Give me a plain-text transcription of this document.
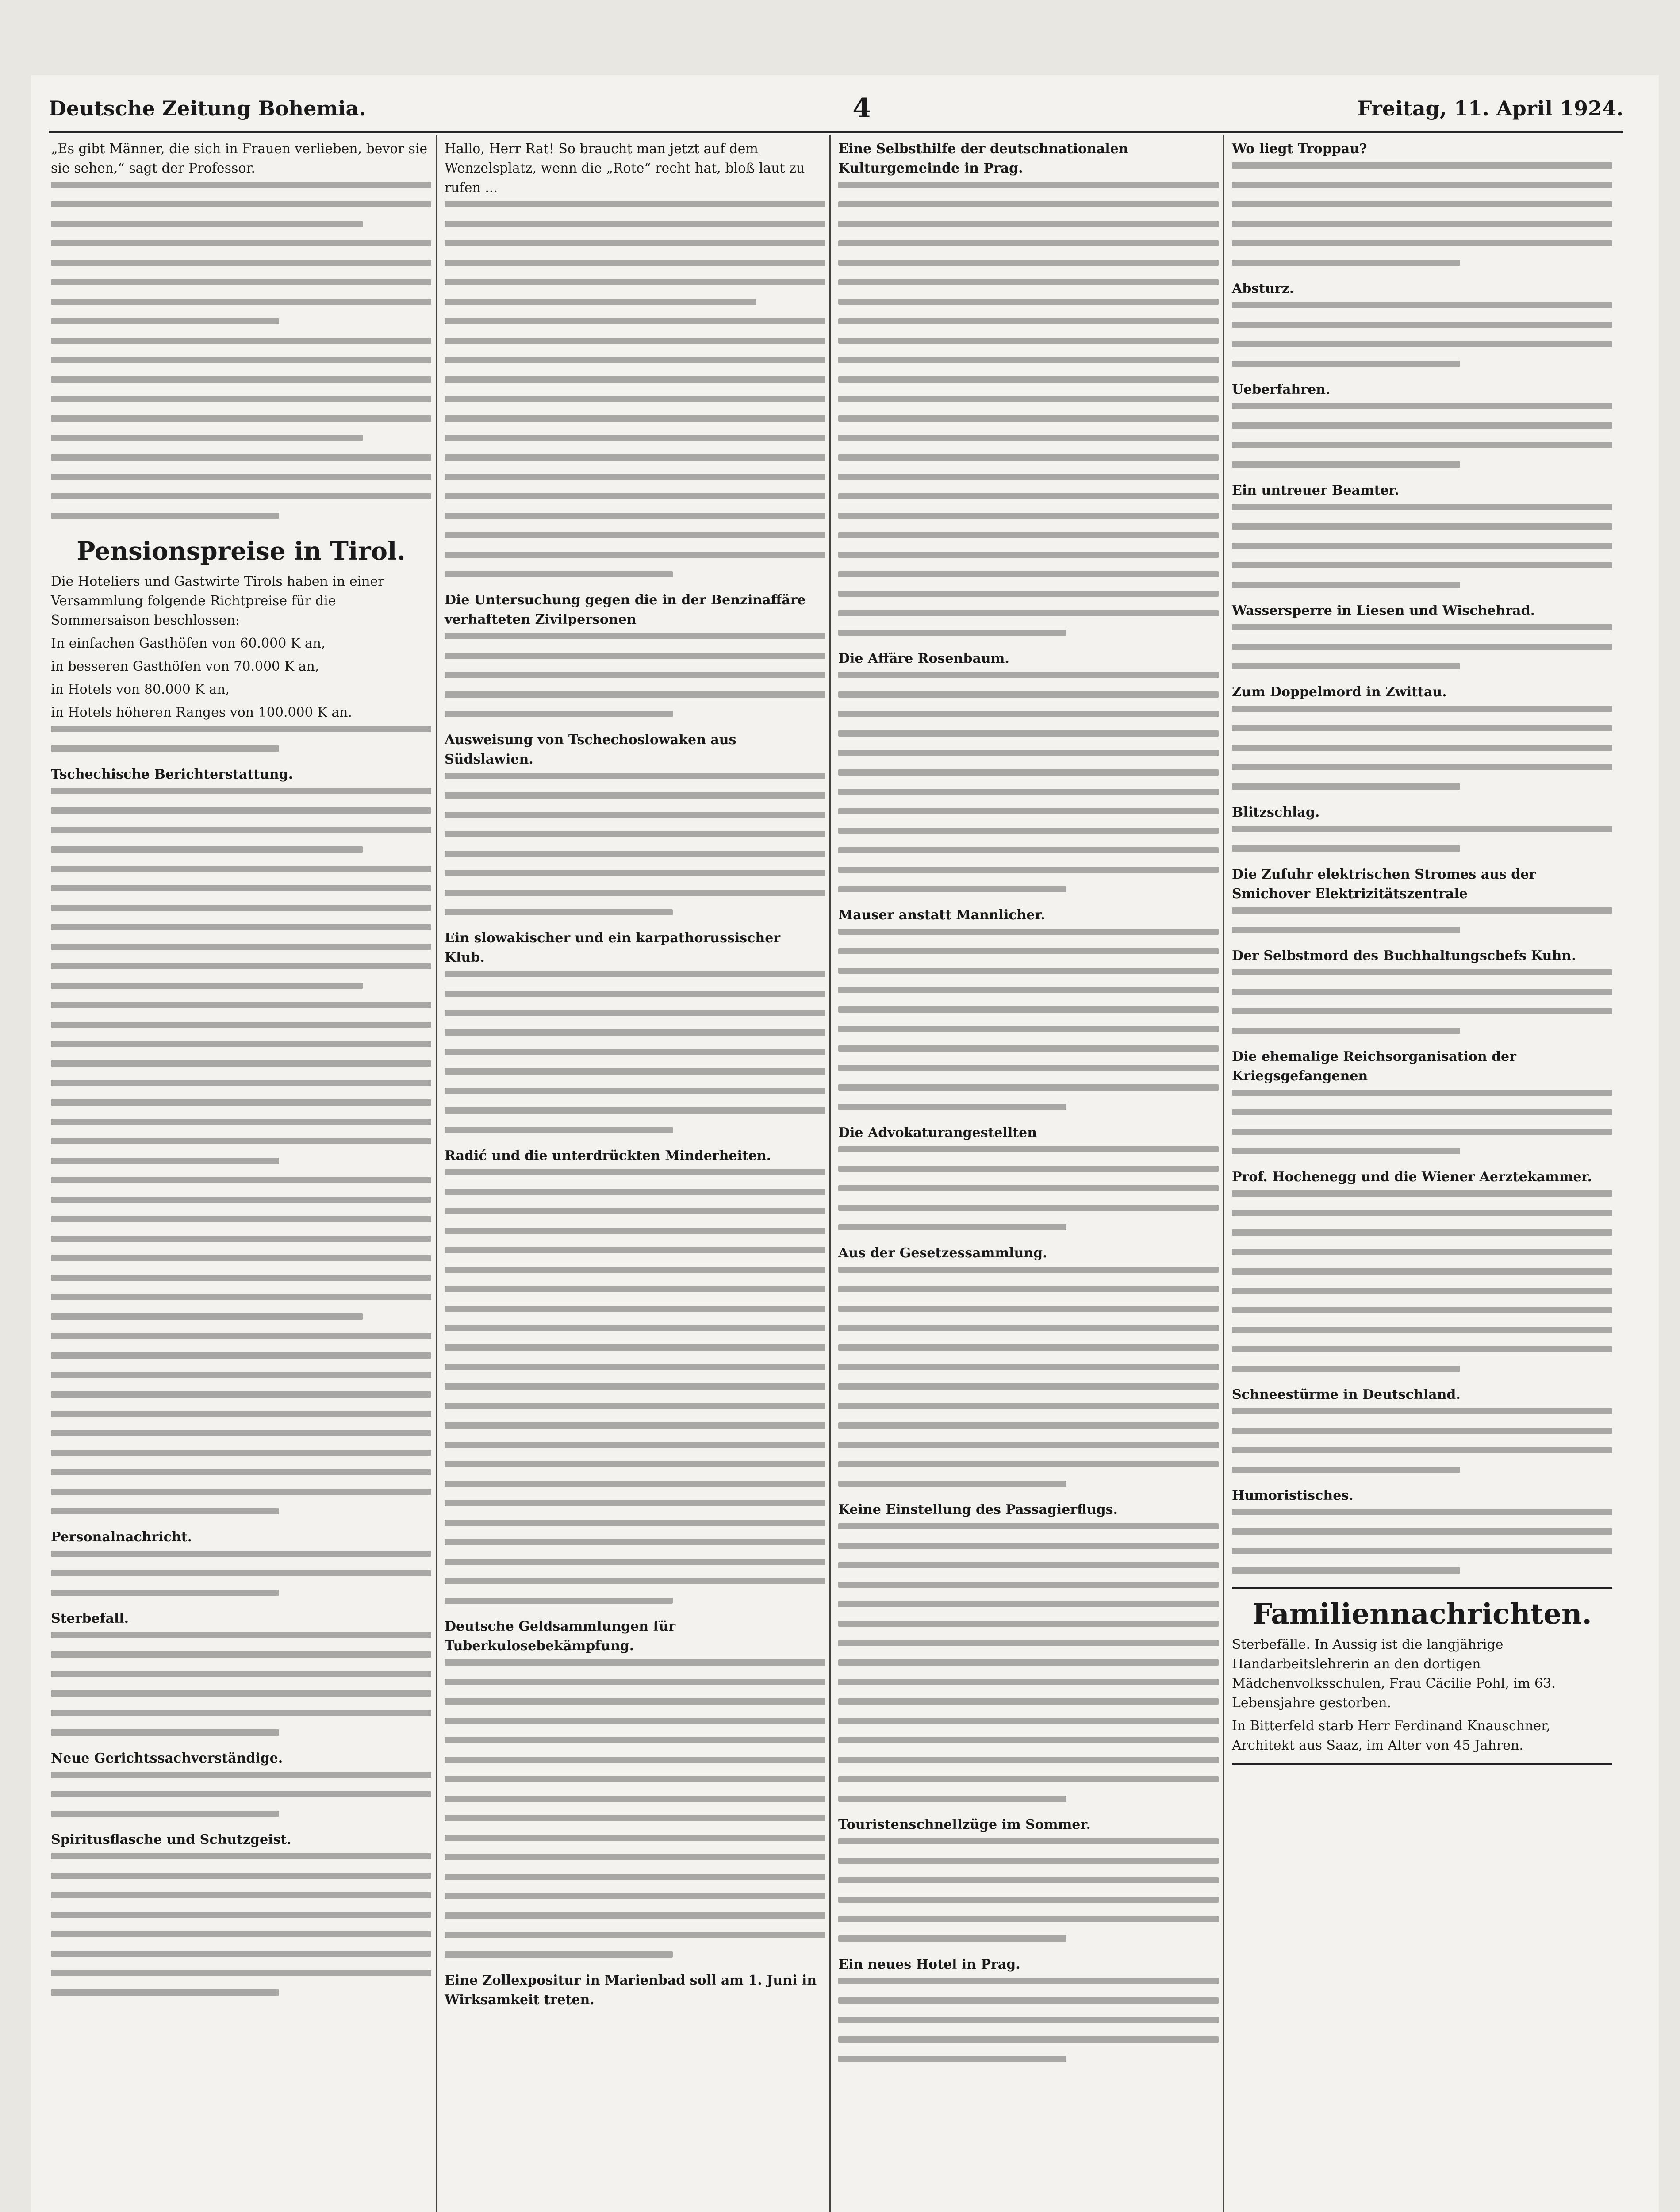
Deutsche Zeitung Bohemia.	4	Freitag, 11. April 1924.

„Es gibt Männer, die sich in Frauen verlieben, bevor sie sie sehen,“ sagt der Professor.

Pensionspreise in Tirol.

Die Hoteliers und Gastwirte Tirols haben in einer Versammlung folgende Richtpreise für die Sommersaison beschlossen:

In einfachen Gasthöfen von 60.000 K an,

in besseren Gasthöfen von 70.000 K an,

in Hotels von 80.000 K an,

in Hotels höheren Ranges von 100.000 K an.

Tschechische Berichterstattung.

Personalnachricht.

Sterbefall.

Neue Gerichtssachverständige.

Spiritusflasche und Schutzgeist.

Hallo, Herr Rat! So braucht man jetzt auf dem Wenzelsplatz, wenn die „Rote“ recht hat, bloß laut zu rufen ...

Die Untersuchung gegen die in der Benzinaffäre verhafteten Zivilpersonen

Ausweisung von Tschechoslowaken aus Südslawien.

Ein slowakischer und ein karpathorussischer Klub.

Radić und die unterdrückten Minderheiten.

Deutsche Geldsammlungen für Tuberkulosebekämpfung.

Eine Zollexpositur in Marienbad soll am 1. Juni in Wirksamkeit treten.

Eine Selbsthilfe der deutschnationalen Kulturgemeinde in Prag.

Die Affäre Rosenbaum.

Mauser anstatt Mannlicher.

Die Advokaturangestellten

Aus der Gesetzessammlung.

Keine Einstellung des Passagierflugs.

Touristenschnellzüge im Sommer.

Ein neues Hotel in Prag.

Wo liegt Troppau?

Absturz.

Ueberfahren.

Ein untreuer Beamter.

Wassersperre in Liesen und Wischehrad.

Zum Doppelmord in Zwittau.

Blitzschlag.

Die Zufuhr elektrischen Stromes aus der Smichover Elektrizitätszentrale

Der Selbstmord des Buchhaltungschefs Kuhn.

Die ehemalige Reichsorganisation der Kriegsgefangenen

Prof. Hochenegg und die Wiener Aerztekammer.

Schneestürme in Deutschland.

Humoristisches.

Familiennachrichten.

Sterbefälle. In Aussig ist die langjährige Handarbeitslehrerin an den dortigen Mädchenvolksschulen, Frau Cäcilie Pohl, im 63. Lebensjahre gestorben.

In Bitterfeld starb Herr Ferdinand Knauschner, Architekt aus Saaz, im Alter von 45 Jahren.
